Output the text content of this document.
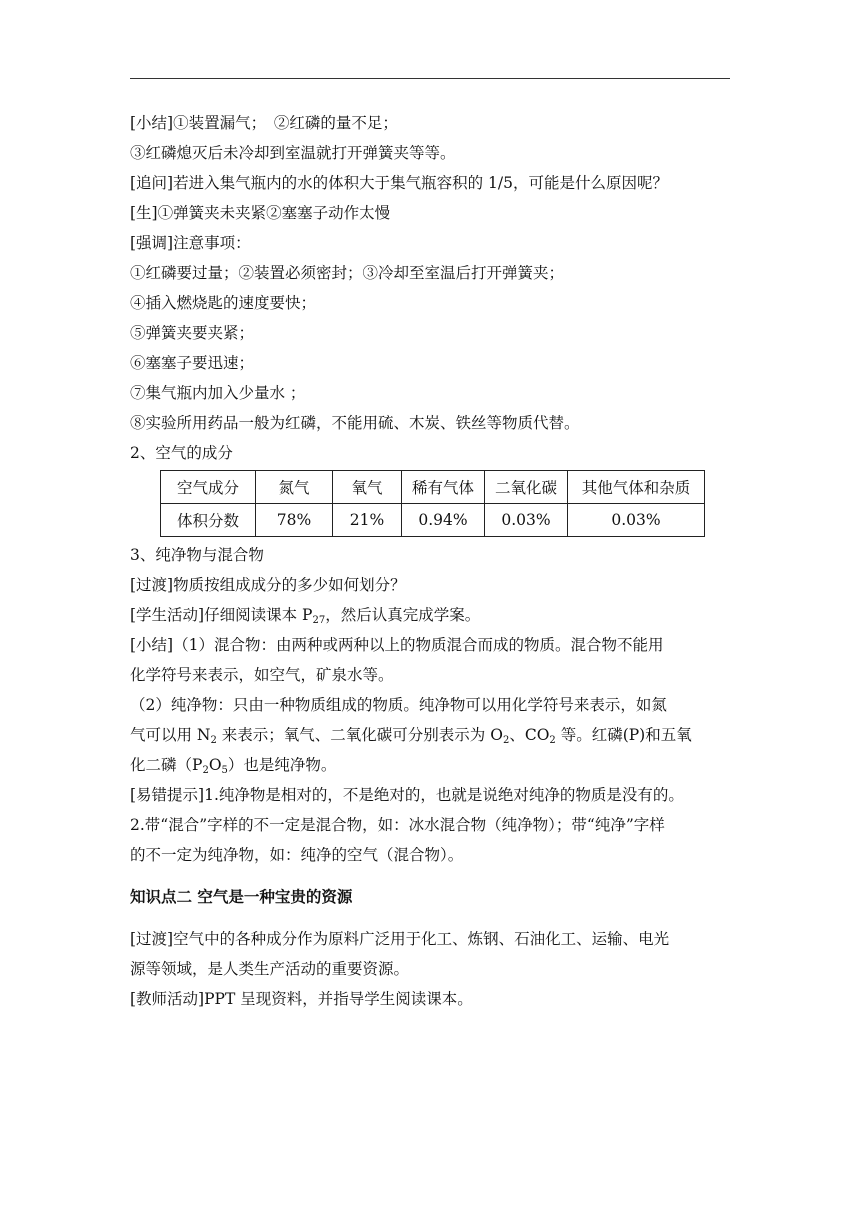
[小结]①装置漏气；　②红磷的量不足；
③红磷熄灭后未冷却到室温就打开弹簧夹等等。
[追问]若进入集气瓶内的水的体积大于集气瓶容积的 1/5，可能是什么原因呢？
[生]①弹簧夹未夹紧②塞塞子动作太慢
[强调]注意事项：
①红磷要过量；②装置必须密封；③冷却至室温后打开弹簧夹；
④插入燃烧匙的速度要快；
⑤弹簧夹要夹紧；
⑥塞塞子要迅速；
⑦集气瓶内加入少量水 ；
⑧实验所用药品一般为红磷，不能用硫、木炭、铁丝等物质代替。
2、空气的成分
空气成分	氮气	氧气	稀有气体	二氧化碳	其他气体和杂质
体积分数	78%	21%	0.94%	0.03%	0.03%
3、纯净物与混合物
[过渡]物质按组成成分的多少如何划分？
[学生活动]仔细阅读课本 $P_{27}$，然后认真完成学案。
[小结]（1）混合物：由两种或两种以上的物质混合而成的物质。混合物不能用
化学符号来表示，如空气，矿泉水等。
（2）纯净物：只由一种物质组成的物质。纯净物可以用化学符号来表示，如氮
气可以用 $N_2$ 来表示；氧气、二氧化碳可分别表示为 $O_2$、$CO_2$ 等。红磷(P)和五氧
化二磷$(P_2O_5)$也是纯净物。
[易错提示]1.纯净物是相对的，不是绝对的，也就是说绝对纯净的物质是没有的。
2.带“混合”字样的不一定是混合物，如：冰水混合物（纯净物）；带“纯净”字样
的不一定为纯净物，如：纯净的空气（混合物）。
知识点二 空气是一种宝贵的资源
[过渡]空气中的各种成分作为原料广泛用于化工、炼钢、石油化工、运输、电光
源等领域，是人类生产活动的重要资源。
[教师活动]PPT 呈现资料，并指导学生阅读课本。
